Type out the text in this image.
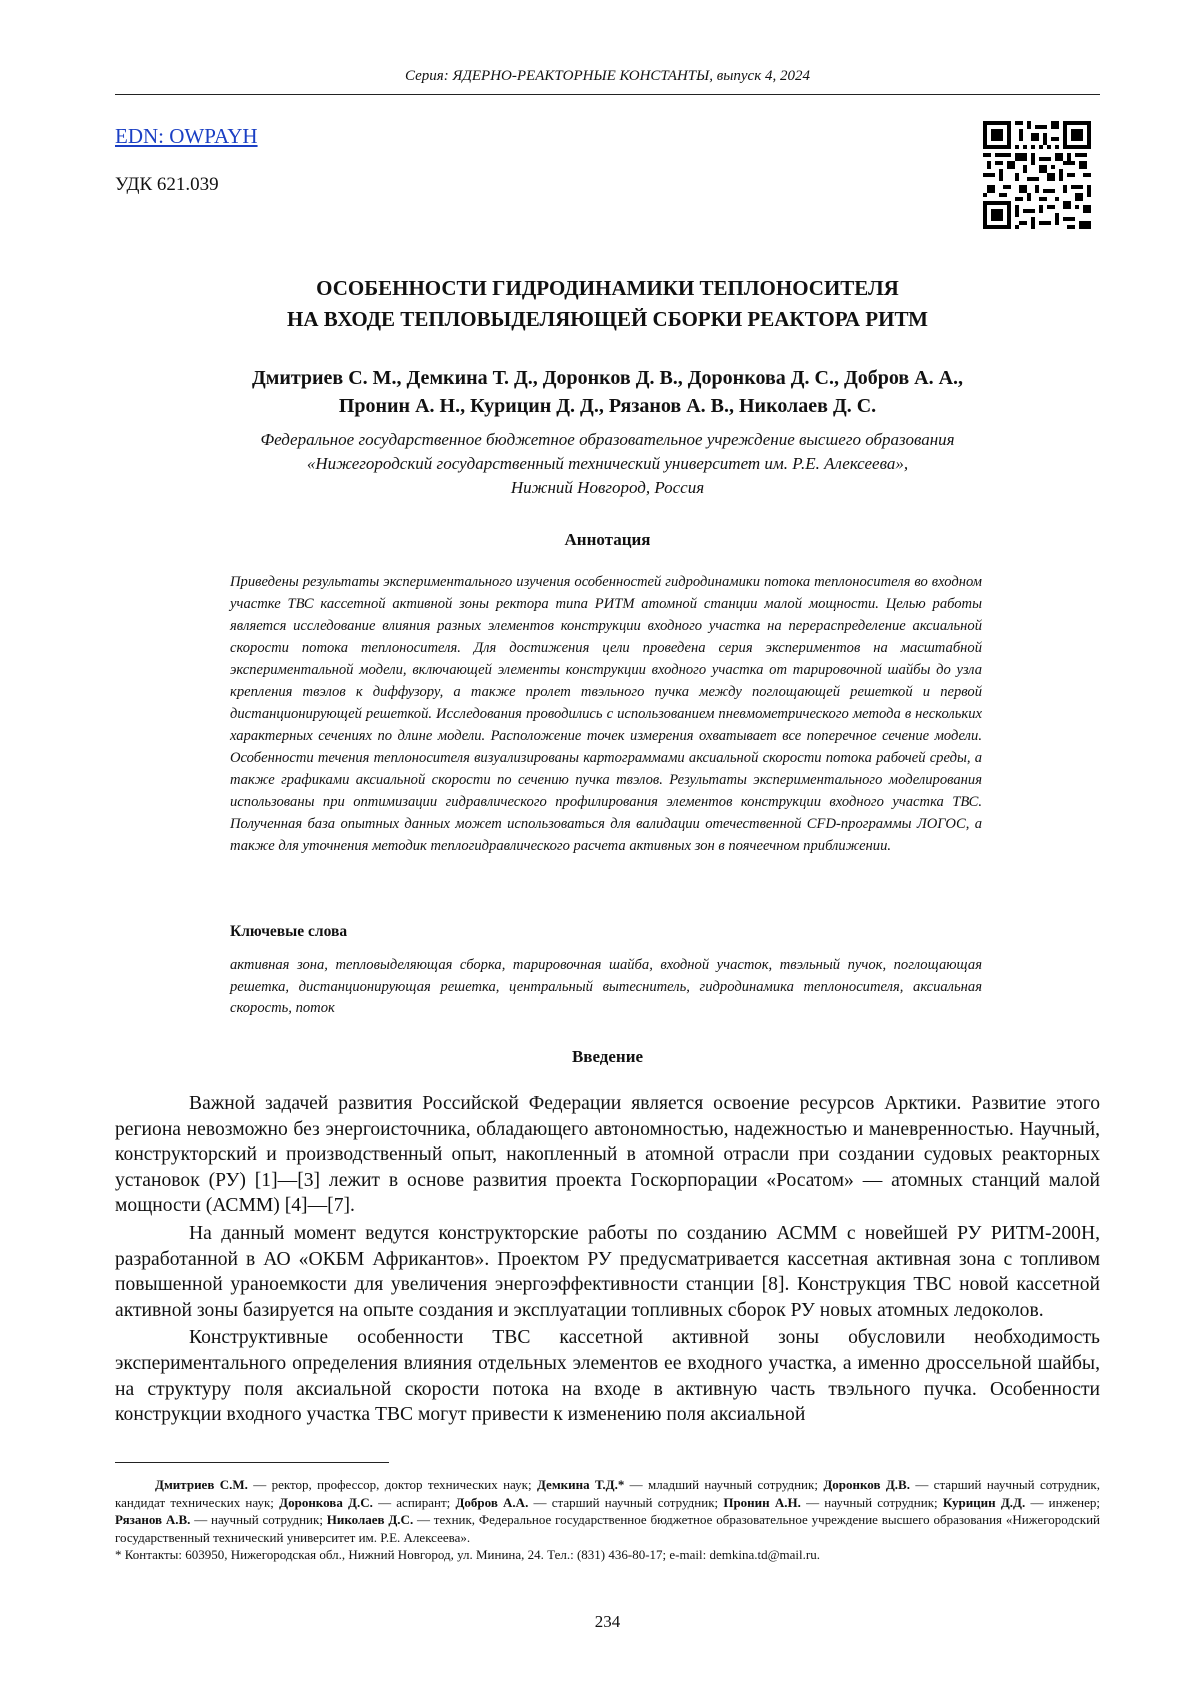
Серия: ЯДЕРНО-РЕАКТОРНЫЕ КОНСТАНТЫ, выпуск 4, 2024
EDN: OWPAYH
УДК 621.039
ОСОБЕННОСТИ ГИДРОДИНАМИКИ ТЕПЛОНОСИТЕЛЯ
НА ВХОДЕ ТЕПЛОВЫДЕЛЯЮЩЕЙ СБОРКИ РЕАКТОРА РИТМ
Дмитриев С. М., Демкина Т. Д., Доронков Д. В., Доронкова Д. С., Добров А. А.,
Пронин А. Н., Курицин Д. Д., Рязанов А. В., Николаев Д. С.
Федеральное государственное бюджетное образовательное учреждение высшего образования
«Нижегородский государственный технический университет им. Р.Е. Алексеева»,
Нижний Новгород, Россия
Аннотация
Приведены результаты экспериментального изучения особенностей гидродинамики потока теплоносителя во входном участке ТВС кассетной активной зоны ректора типа РИТМ атомной станции малой мощности. Целью работы является исследование влияния разных элементов конструкции входного участка на перераспределение аксиальной скорости потока теплоносителя. Для достижения цели проведена серия экспериментов на масштабной экспериментальной модели, включающей элементы конструкции входного участка от тарировочной шайбы до узла крепления твэлов к диффузору, а также пролет твэльного пучка между поглощающей решеткой и первой дистанционирующей решеткой. Исследования проводились с использованием пневмометрического метода в нескольких характерных сечениях по длине модели. Расположение точек измерения охватывает все поперечное сечение модели. Особенности течения теплоносителя визуализированы картограммами аксиальной скорости потока рабочей среды, а также графиками аксиальной скорости по сечению пучка твэлов. Результаты экспериментального моделирования использованы при оптимизации гидравлического профилирования элементов конструкции входного участка ТВС. Полученная база опытных данных может использоваться для валидации отечественной CFD-программы ЛОГОС, а также для уточнения методик теплогидравлического расчета активных зон в поячеечном приближении.
Ключевые слова
активная зона, тепловыделяющая сборка, тарировочная шайба, входной участок, твэльный пучок, поглощающая решетка, дистанционирующая решетка, центральный вытеснитель, гидродинамика теплоносителя, аксиальная скорость, поток
Введение

Важной задачей развития Российской Федерации является освоение ресурсов Арктики. Развитие этого региона невозможно без энергоисточника, обладающего автономностью, надежностью и маневренностью. Научный, конструкторский и производственный опыт, накопленный в атомной отрасли при создании судовых реакторных установок (РУ) [1]—[3] лежит в основе развития проекта Госкорпорации «Росатом» — атомных станций малой мощности (АСММ) [4]—[7].

На данный момент ведутся конструкторские работы по созданию АСММ с новейшей РУ РИТМ-200Н, разработанной в АО «ОКБМ Африкантов». Проектом РУ предусматривается кассетная активная зона с топливом повышенной ураноемкости для увеличения энергоэффективности станции [8]. Конструкция ТВС новой кассетной активной зоны базируется на опыте создания и эксплуатации топливных сборок РУ новых атомных ледоколов.

Конструктивные особенности ТВС кассетной активной зоны обусловили необходимость экспериментального определения влияния отдельных элементов ее входного участка, а именно дроссельной шайбы, на структуру поля аксиальной скорости потока на входе в активную часть твэльного пучка. Особенности конструкции входного участка ТВС могут привести к изменению поля аксиальной

Дмитриев С.М. — ректор, профессор, доктор технических наук; Демкина Т.Д.* — младший научный сотрудник; Доронков Д.В. — старший научный сотрудник, кандидат технических наук; Доронкова Д.С. — аспирант; Добров А.А. — старший научный сотрудник; Пронин А.Н. — научный сотрудник; Курицин Д.Д. — инженер; Рязанов А.В. — научный сотрудник; Николаев Д.С. — техник, Федеральное государственное бюджетное образовательное учреждение высшего образования «Нижегородский государственный технический университет им. Р.Е. Алексеева».

* Контакты: 603950, Нижегородская обл., Нижний Новгород, ул. Минина, 24. Тел.: (831) 436-80-17; e-mail: demkina.td@mail.ru.

234
